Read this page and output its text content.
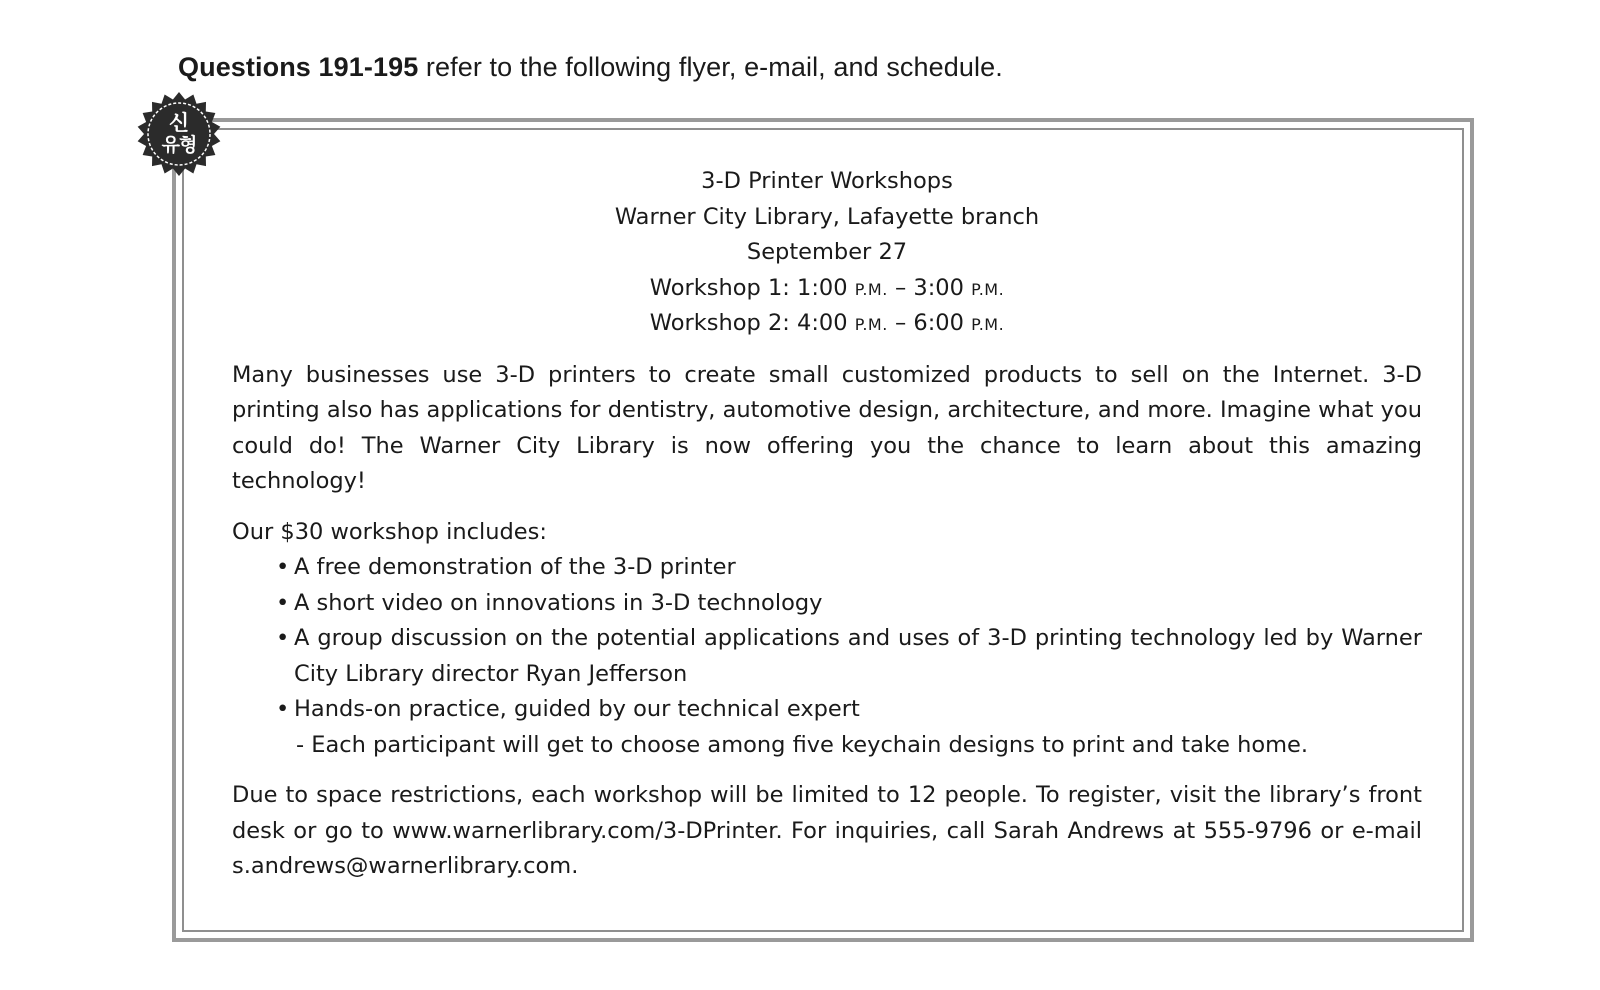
Questions 191-195 refer to the following flyer, e-mail, and schedule.
신
유형
3-D Printer Workshops
Warner City Library, Lafayette branch
September 27
Workshop 1: 1:00 P.M. – 3:00 P.M.
Workshop 2: 4:00 P.M. – 6:00 P.M.

Many businesses use 3-D printers to create small customized products to sell on the Internet. 3-D printing also has applications for dentistry, automotive design, architecture, and more. Imagine what you could do! The Warner City Library is now offering you the chance to learn about this amazing technology!

Our $30 workshop includes:
• A free demonstration of the 3-D printer
• A short video on innovations in 3-D technology
• A group discussion on the potential applications and uses of 3-D printing technology led by Warner City Library director Ryan Jefferson
• Hands-on practice, guided by our technical expert
- Each participant will get to choose among five keychain designs to print and take home.

Due to space restrictions, each workshop will be limited to 12 people. To register, visit the library’s front desk or go to www.warnerlibrary.com/3-DPrinter. For inquiries, call Sarah Andrews at 555-9796 or e-mail s.andrews@warnerlibrary.com.
